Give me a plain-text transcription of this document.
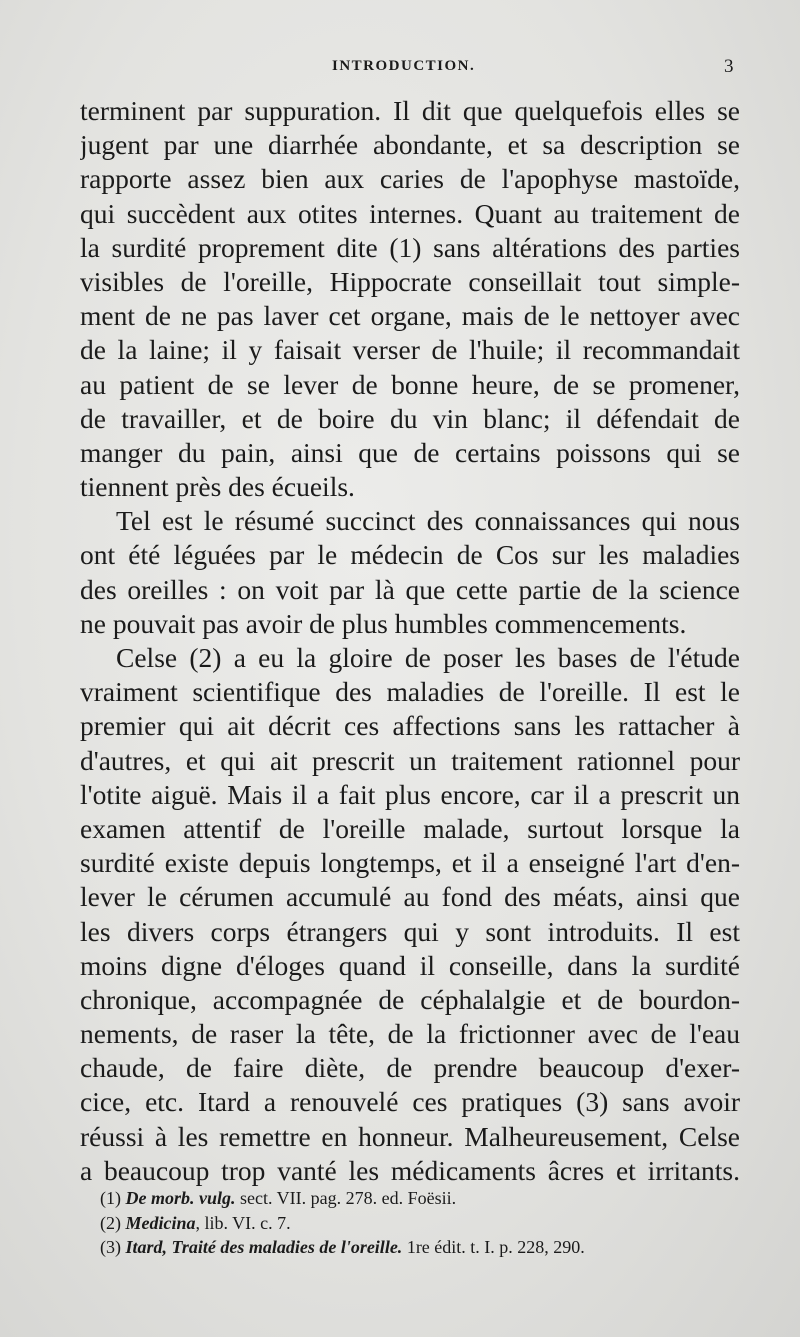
INTRODUCTION.	3
terminent par suppuration. Il dit que quelquefois elles se
jugent par une diarrhée abondante, et sa description se
rapporte assez bien aux caries de l'apophyse mastoïde,
qui succèdent aux otites internes. Quant au traitement de
la surdité proprement dite (1) sans altérations des parties
visibles de l'oreille, Hippocrate conseillait tout simple-
ment de ne pas laver cet organe, mais de le nettoyer avec
de la laine; il y faisait verser de l'huile; il recommandait
au patient de se lever de bonne heure, de se promener,
de travailler, et de boire du vin blanc; il défendait de
manger du pain, ainsi que de certains poissons qui se
tiennent près des écueils.
Tel est le résumé succinct des connaissances qui nous
ont été léguées par le médecin de Cos sur les maladies
des oreilles : on voit par là que cette partie de la science
ne pouvait pas avoir de plus humbles commencements.
Celse (2) a eu la gloire de poser les bases de l'étude
vraiment scientifique des maladies de l'oreille. Il est le
premier qui ait décrit ces affections sans les rattacher à
d'autres, et qui ait prescrit un traitement rationnel pour
l'otite aiguë. Mais il a fait plus encore, car il a prescrit un
examen attentif de l'oreille malade, surtout lorsque la
surdité existe depuis longtemps, et il a enseigné l'art d'en-
lever le cérumen accumulé au fond des méats, ainsi que
les divers corps étrangers qui y sont introduits. Il est
moins digne d'éloges quand il conseille, dans la surdité
chronique, accompagnée de céphalalgie et de bourdon-
nements, de raser la tête, de la frictionner avec de l'eau
chaude, de faire diète, de prendre beaucoup d'exer-
cice, etc. Itard a renouvelé ces pratiques (3) sans avoir
réussi à les remettre en honneur. Malheureusement, Celse
a beaucoup trop vanté les médicaments âcres et irritants.
(1) De morb. vulg. sect. VII. pag. 278. ed. Foësii.
(2) Medicina, lib. VI. c. 7.
(3) Itard, Traité des maladies de l'oreille. 1re édit. t. I. p. 228, 290.
